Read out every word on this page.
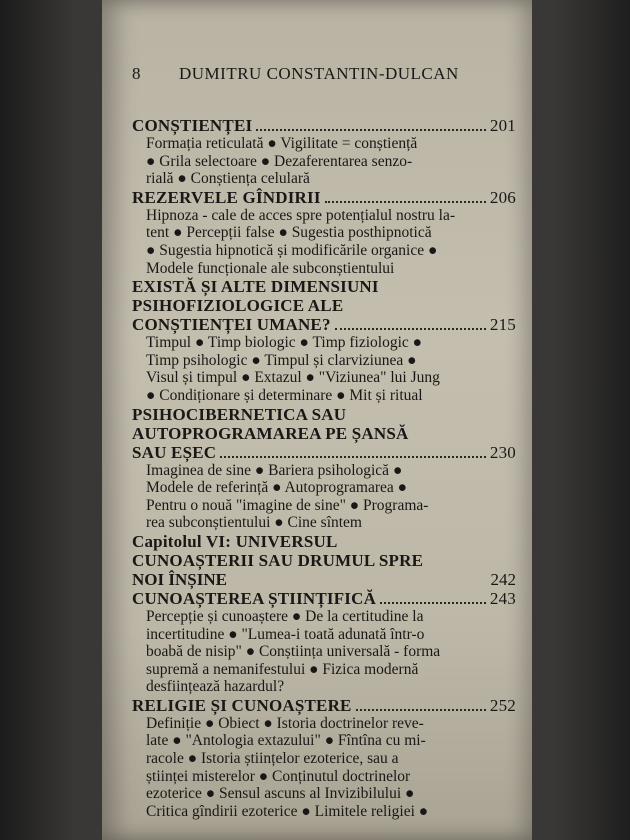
8 DUMITRU CONSTANTIN-DULCAN
CONȘTIENȚEI	201
Formația reticulată ● Vigilitate = conștiență
● Grila selectoare ● Dezaferentarea senzo-
rială ● Conștiența celulară
REZERVELE GÎNDIRII	206
Hipnoza - cale de acces spre potențialul nostru la-
tent ● Percepții false ● Sugestia posthipnotică
● Sugestia hipnotică și modificările organice ●
Modele funcționale ale subconștientului
EXISTĂ ȘI ALTE DIMENSIUNI
PSIHOFIZIOLOGICE ALE
CONȘTIENȚEI UMANE?	215
Timpul ● Timp biologic ● Timp fiziologic ●
Timp psihologic ● Timpul și clarviziunea ●
Visul și timpul ● Extazul ● "Viziunea" lui Jung
● Condiționare și determinare ● Mit și ritual
PSIHOCIBERNETICA SAU
AUTOPROGRAMAREA PE ȘANSĂ
SAU EȘEC	230
Imaginea de sine ● Bariera psihologică ●
Modele de referință ● Autoprogramarea ●
Pentru o nouă "imagine de sine" ● Programa-
rea subconștientului ● Cine sîntem
Capitolul VI: UNIVERSUL
CUNOAȘTERII SAU DRUMUL SPRE
NOI ÎNȘINE	242
CUNOAȘTEREA ȘTIINȚIFICĂ	243
Percepție și cunoaștere ● De la certitudine la
incertitudine ● "Lumea-i toată adunată într-o
boabă de nisip" ● Conștiința universală - forma
supremă a nemanifestului ● Fizica modernă
desființează hazardul?
RELIGIE ȘI CUNOAȘTERE	252
Definiție ● Obiect ● Istoria doctrinelor reve-
late ● "Antologia extazului" ● Fîntîna cu mi-
racole ● Istoria științelor ezoterice, sau a
științei misterelor ● Conținutul doctrinelor
ezoterice ● Sensul ascuns al Invizibilului ●
Critica gîndirii ezoterice ● Limitele religiei ●
